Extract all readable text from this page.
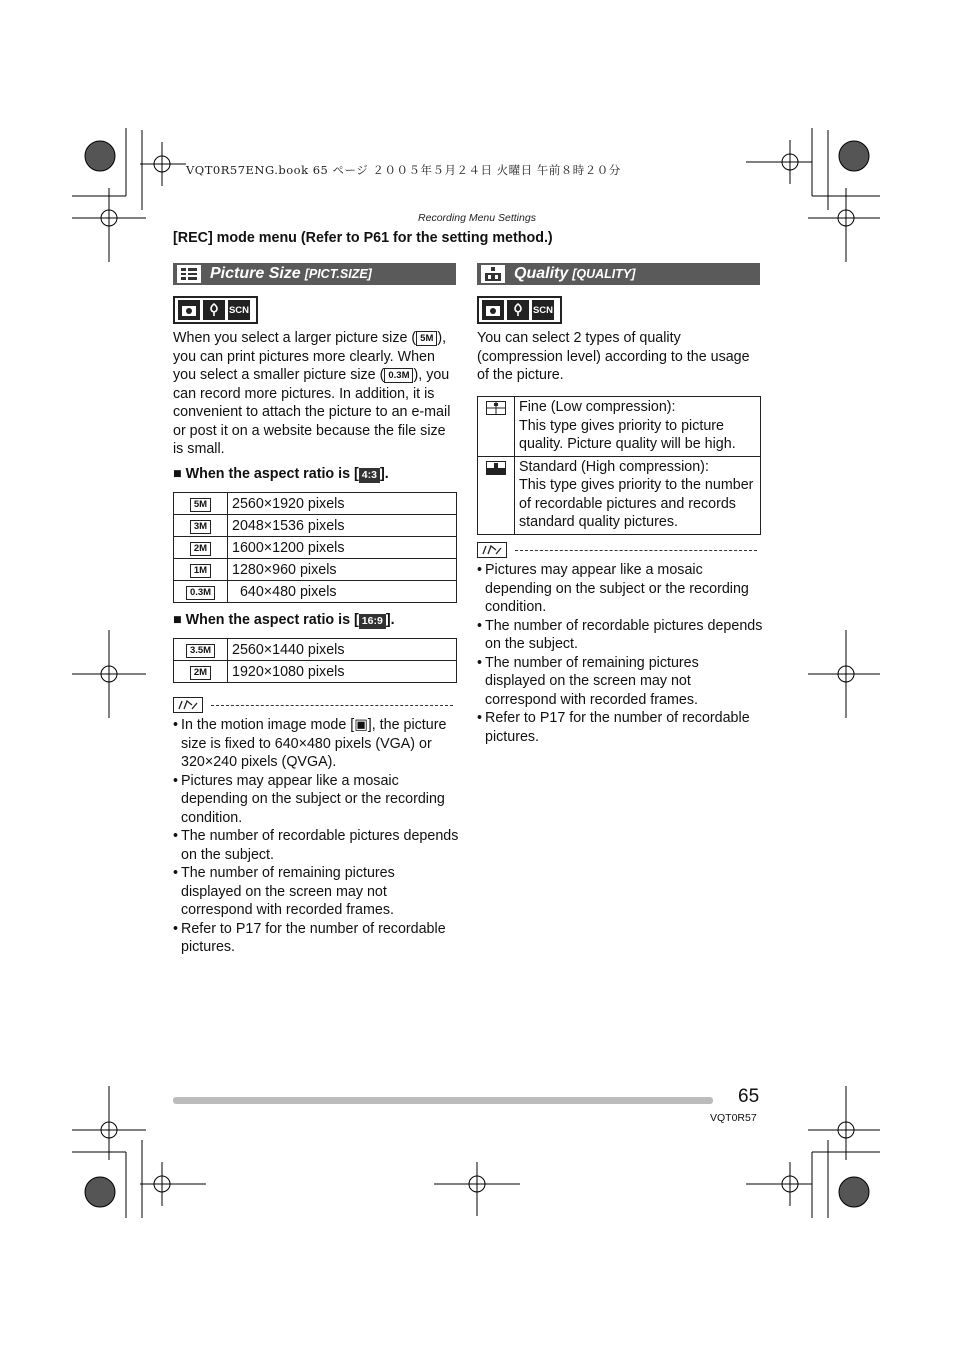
VQT0R57ENG.book 65 ページ ２００５年５月２４日 火曜日 午前８時２０分
Recording Menu Settings
[REC] mode menu (Refer to P61 for the setting method.)
Picture Size [PICT.SIZE]
SCN
When you select a larger picture size ( 5M ), you can print pictures more clearly. When you select a smaller picture size ( 0.3M ), you can record more pictures. In addition, it is convenient to attach the picture to an e-mail or post it on a website because the file size is small.
■ When the aspect ratio is [ 4:3 ].
5M	2560×1920 pixels
3M	2048×1536 pixels
2M	1600×1200 pixels
1M	1280×960 pixels
0.3M	640×480 pixels
■ When the aspect ratio is [ 16:9 ].
3.5M	2560×1440 pixels
2M	1920×1080 pixels
• In the motion image mode [▣], the picture size is fixed to 640×480 pixels (VGA) or 320×240 pixels (QVGA).
• Pictures may appear like a mosaic depending on the subject or the recording condition.
• The number of recordable pictures depends on the subject.
• The number of remaining pictures displayed on the screen may not correspond with recorded frames.
• Refer to P17 for the number of recordable pictures.
Quality [QUALITY]
SCN
You can select 2 types of quality (compression level) according to the usage of the picture.
	Fine (Low compression):
This type gives priority to picture quality. Picture quality will be high.
	Standard (High compression):
This type gives priority to the number of recordable pictures and records standard quality pictures.
• Pictures may appear like a mosaic depending on the subject or the recording condition.
• The number of recordable pictures depends on the subject.
• The number of remaining pictures displayed on the screen may not correspond with recorded frames.
• Refer to P17 for the number of recordable pictures.
65
VQT0R57
